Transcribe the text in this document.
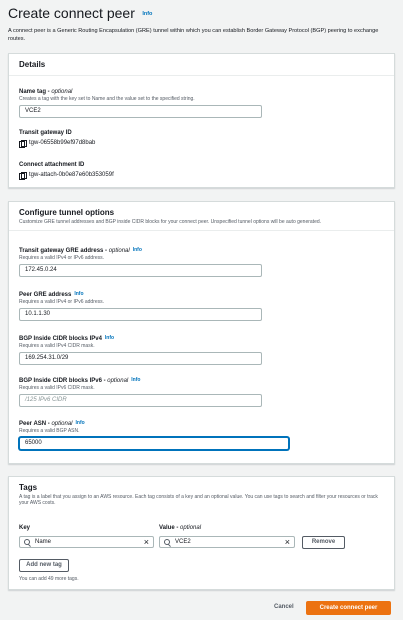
Create connect peer Info
A connect peer is a Generic Routing Encapsulation (GRE) tunnel within which you can establish Border Gateway Protocol (BGP) peering to exchange routes.
Details
Name tag - optional
Creates a tag with the key set to Name and the value set to the specified string.
VCE2
Transit gateway ID
tgw-06558b99ef97d8bab
Connect attachment ID
tgw-attach-0b0e87e60b353059f
Configure tunnel options
Customize GRE tunnel addresses and BGP inside CIDR blocks for your connect peer. Unspecified tunnel options will be auto generated.
Transit gateway GRE address - optional Info
Requires a valid IPv4 or IPv6 address.
172.45.0.24
Peer GRE address Info
Requires a valid IPv4 or IPv6 address.
10.1.1.30
BGP Inside CIDR blocks IPv4 Info
Requires a valid IPv4 CIDR mask.
169.254.31.0/29
BGP Inside CIDR blocks IPv6 - optional Info
Requires a valid IPv6 CIDR mask.
/125 IPv6 CIDR
Peer ASN - optional Info
Requires a valid BGP ASN.
65000
Tags
A tag is a label that you assign to an AWS resource. Each tag consists of a key and an optional value. You can use tags to search and filter your resources or track your AWS costs.
Key	Value - optional
Name	×	VCE2	×	Remove
Add new tag
You can add 49 more tags.
Cancel	Create connect peer
